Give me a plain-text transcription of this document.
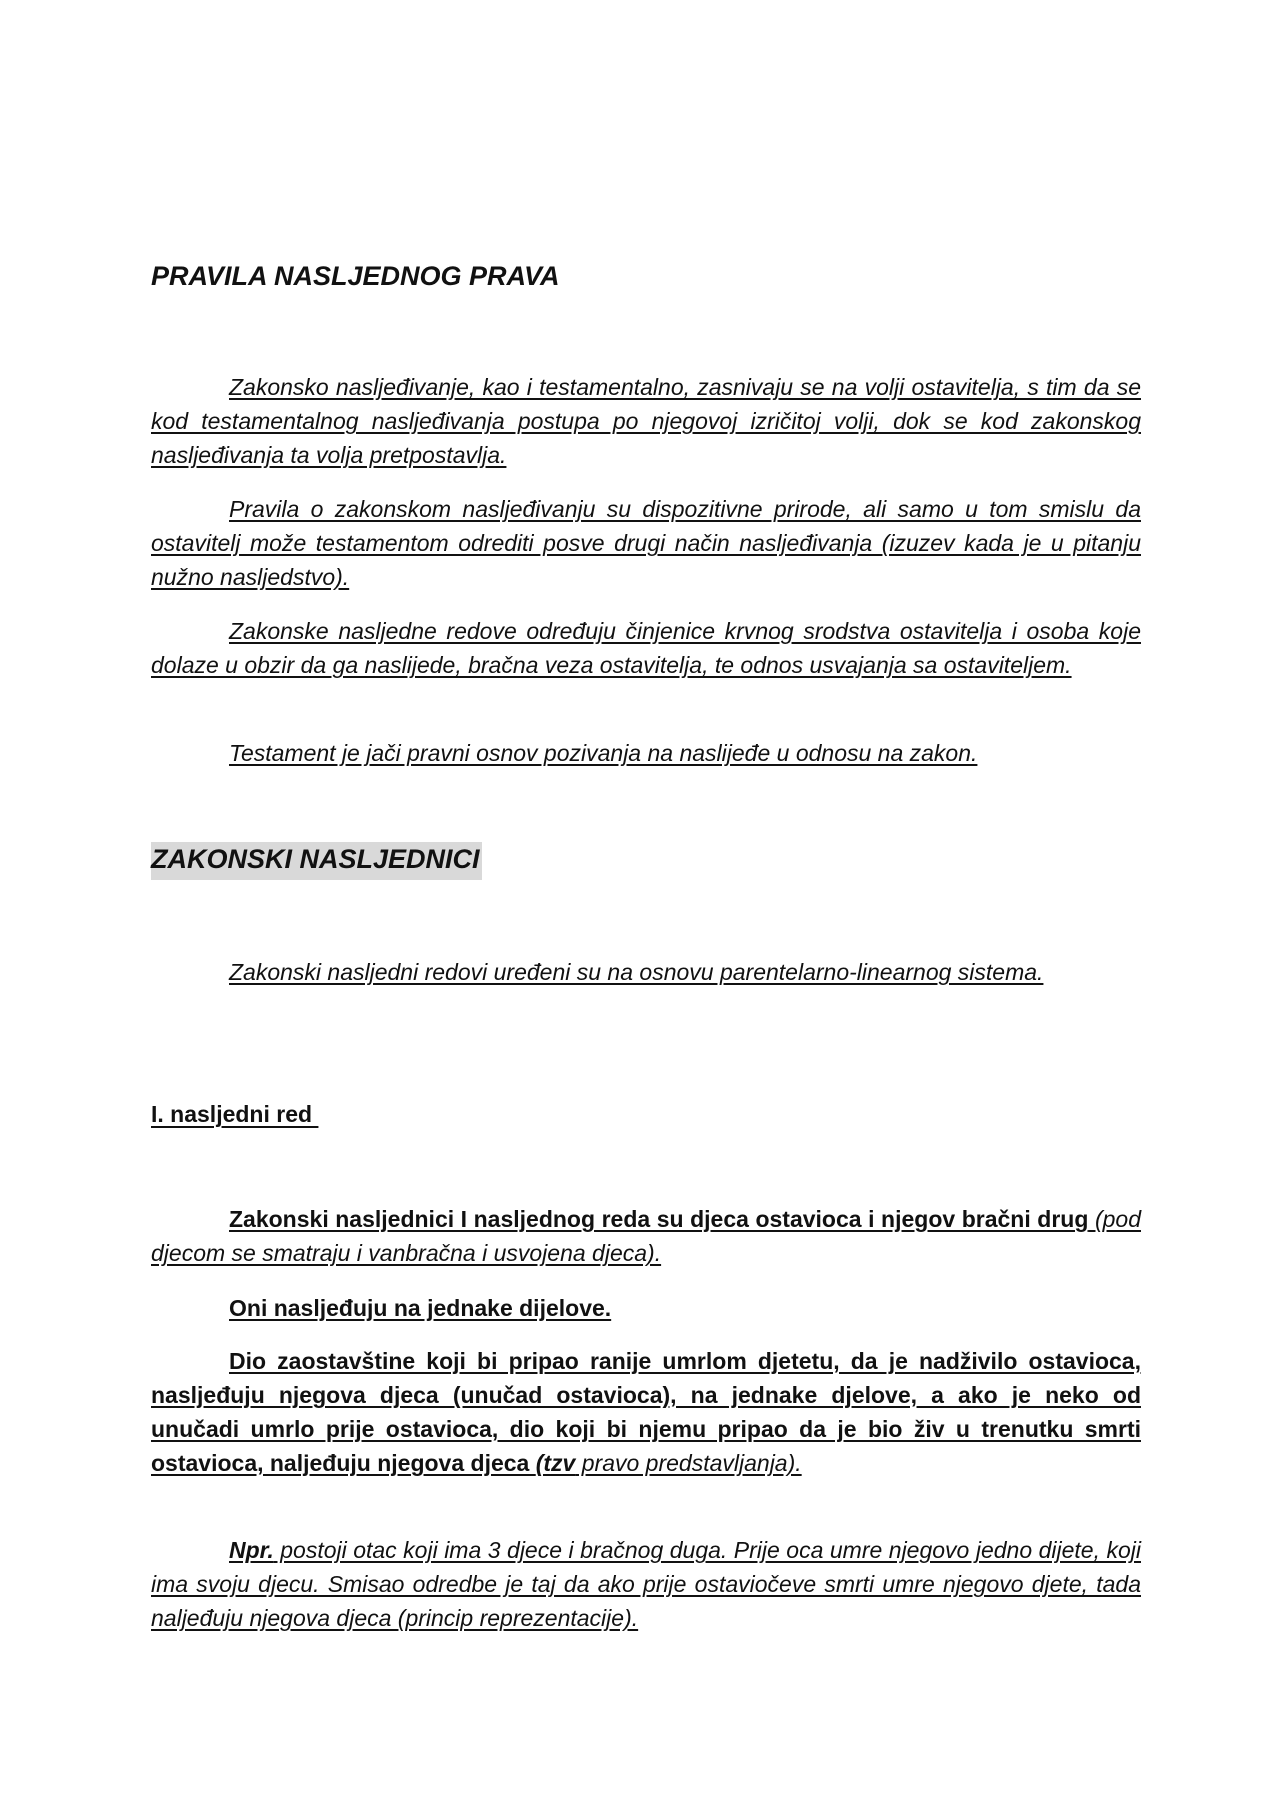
PRAVILA NASLJEDNOG PRAVA

Zakonsko nasljeđivanje, kao i testamentalno, zasnivaju se na volji ostavitelja, s tim da se kod testamentalnog nasljeđivanja postupa po njegovoj izričitoj volji, dok se kod zakonskog nasljeđivanja ta volja pretpostavlja.

Pravila o zakonskom nasljeđivanju su dispozitivne prirode, ali samo u tom smislu da ostavitelj može testamentom odrediti posve drugi način nasljeđivanja (izuzev kada je u pitanju nužno nasljedstvo).

Zakonske nasljedne redove određuju činjenice krvnog srodstva ostavitelja i osoba koje dolaze u obzir da ga naslijede, bračna veza ostavitelja, te odnos usvajanja sa ostaviteljem.

Testament je jači pravni osnov pozivanja na naslijeđe u odnosu na zakon.

ZAKONSKI NASLJEDNICI

Zakonski nasljedni redovi uređeni su na osnovu parentelarno-linearnog sistema.

I. nasljedni red

Zakonski nasljednici I nasljednog reda su djeca ostavioca i njegov bračni drug (pod djecom se smatraju i vanbračna i usvojena djeca).

Oni nasljeđuju na jednake dijelove.

Dio zaostavštine koji bi pripao ranije umrlom djetetu, da je nadživilo ostavioca, nasljeđuju njegova djeca (unučad ostavioca), na jednake djelove, a ako je neko od unučadi umrlo prije ostavioca, dio koji bi njemu pripao da je bio živ u trenutku smrti ostavioca, nalјeđuju njegova djeca (tzv pravo predstavljanja).

Npr. postoji otac koji ima 3 djece i bračnog duga. Prije oca umre njegovo jedno dijete, koji ima svoju djecu. Smisao odredbe je taj da ako prije ostaviočeve smrti umre njegovo djete, tada nalјeđuju njegova djeca (princip reprezentacije).
